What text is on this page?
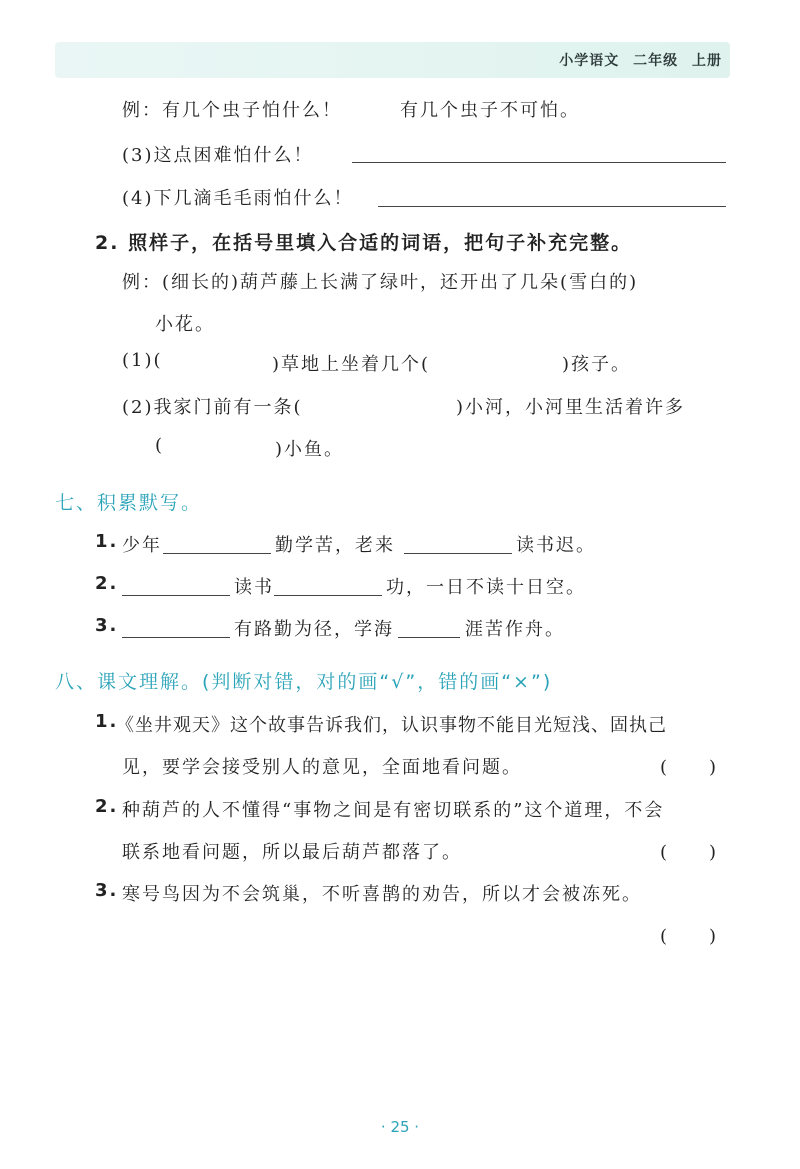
小学语文 二年级 上册
例：有几个虫子怕什么！	有几个虫子不可怕。
(3)这点困难怕什么！
(4)下几滴毛毛雨怕什么！
2. 照样子，在括号里填入合适的词语，把句子补充完整。
例：(细长的)葫芦藤上长满了绿叶，还开出了几朵(雪白的)
小花。
(1)(	)草地上坐着几个(	)孩子。
(2)我家门前有一条(	)小河，小河里生活着许多
(	)小鱼。
七、积累默写。
1. 少年	勤学苦，老来	读书迟。
2.	读书	功，一日不读十日空。
3.	有路勤为径，学海	涯苦作舟。
八、课文理解。(判断对错，对的画“√”，错的画“×”)
1.
《坐井观天》这个故事告诉我们，认识事物不能目光短浅、固执己
见，要学会接受别人的意见，全面地看问题。	(　　)
2. 种葫芦的人不懂得“事物之间是有密切联系的”这个道理，不会
联系地看问题，所以最后葫芦都落了。	(　　)
3. 寒号鸟因为不会筑巢，不听喜鹊的劝告，所以才会被冻死。
(　　)
· 25 ·
